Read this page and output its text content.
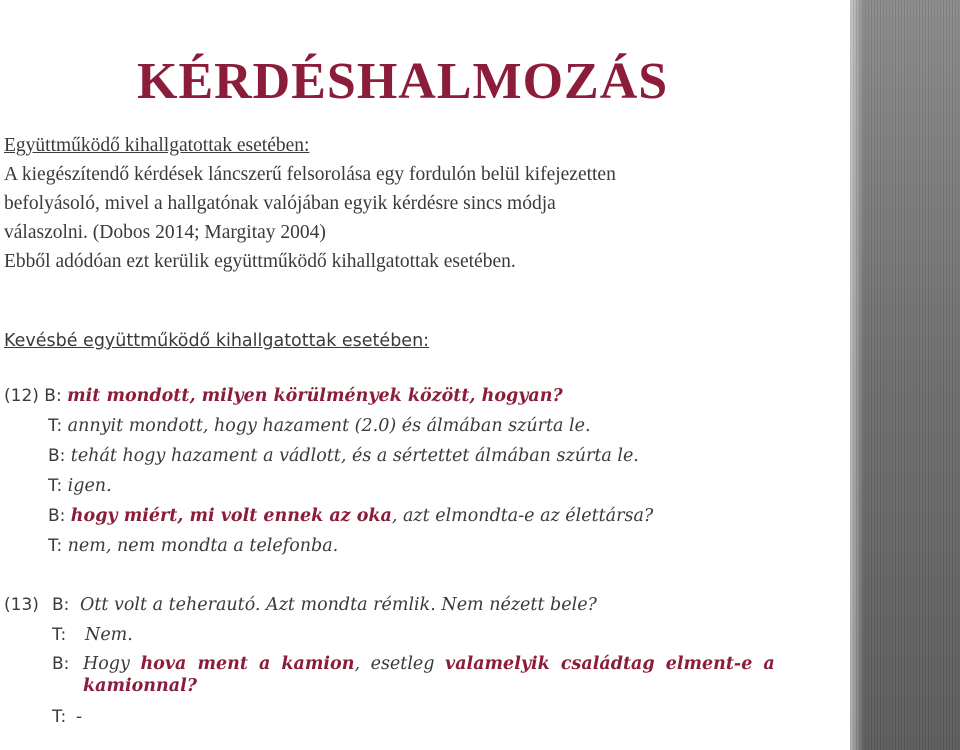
KÉRDÉSHALMOZÁS
Együttműködő kihallgatottak esetében:
A kiegészítendő kérdések láncszerű felsorolása egy fordulón belül kifejezetten
befolyásoló, mivel a hallgatónak valójában egyik kérdésre sincs módja
válaszolni. (Dobos 2014; Margitay 2004)
Ebből adódóan ezt kerülik együttműködő kihallgatottak esetében.
Kevésbé együttműködő kihallgatottak esetében:
(12) B: mit mondott, milyen körülmények között, hogyan?
T: annyit mondott, hogy hazament (2.0) és álmában szúrta le.
B: tehát hogy hazament a vádlott, és a sértettet álmában szúrta le.
T: igen.
B: hogy miért, mi volt ennek az oka, azt elmondta-e az élettársa?
T: nem, nem mondta a telefonba.
(13) B: Ott volt a teherautó. Azt mondta rémlik. Nem nézett bele?
T: Nem.
B: Hogy hova ment a kamion, esetleg valamelyik családtag elment-e a
kamionnal?
T: -
